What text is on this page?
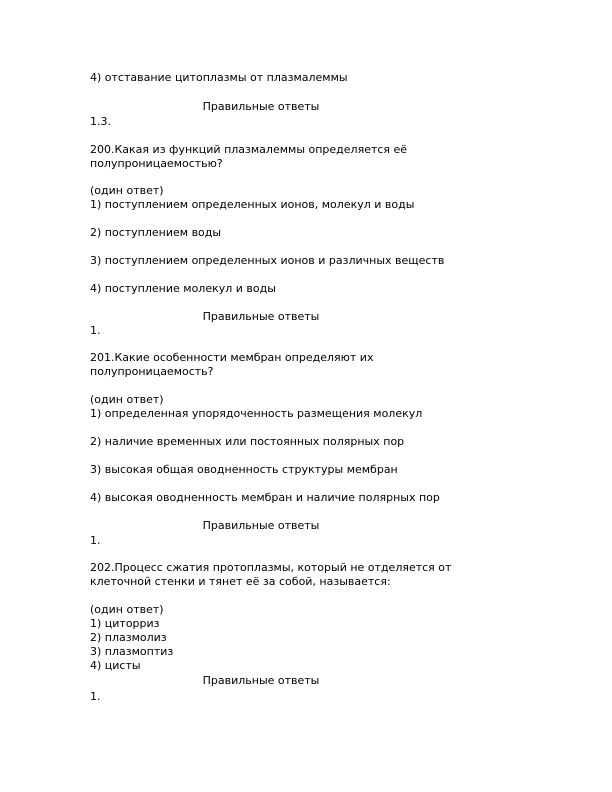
4) отставание цитоплазмы от плазмалеммы
Правильные ответы
1.3.
200.Какая из функций плазмалеммы определяется её
полупроницаемостью?
(один ответ)
1) поступлением определенных ионов, молекул и воды
2) поступлением воды
3) поступлением определенных ионов и различных веществ
4) поступление молекул и воды
Правильные ответы
1.
201.Какие особенности мембран определяют их
полупроницаемость?
(один ответ)
1) определенная упорядоченность размещения молекул
2) наличие временных или постоянных полярных пор
3) высокая общая оводненность структуры мембран
4) высокая оводненность мембран и наличие полярных пор
Правильные ответы
1.
202.Процесс сжатия протоплазмы, который не отделяется от
клеточной стенки и тянет её за собой, называется:
(один ответ)
1) циторриз
2) плазмолиз
3) плазмоптиз
4) цисты
Правильные ответы
1.
